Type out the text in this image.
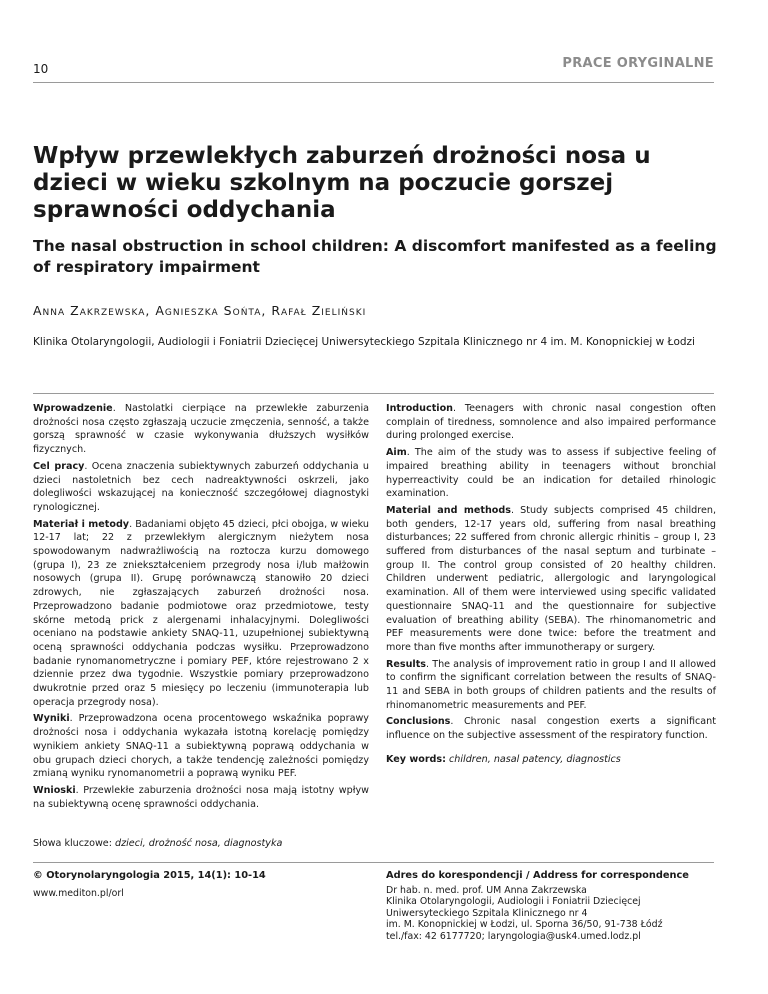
10	PRACE ORYGINALNE
Wpływ przewlekłych zaburzeń drożności nosa u dzieci w wieku szkolnym na poczucie gorszej sprawności oddychania
The nasal obstruction in school children: A discomfort manifested as a feeling of respiratory impairment
Anna Zakrzewska, Agnieszka Sońta, Rafał Zieliński
Klinika Otolaryngologii, Audiologii i Foniatrii Dziecięcej Uniwersyteckiego Szpitala Klinicznego nr 4 im. M. Konopnickiej w Łodzi

Wprowadzenie. Nastolatki cierpiące na przewlekłe zaburzenia drożności nosa często zgłaszają uczucie zmęczenia, senność, a także gorszą sprawność w czasie wykonywania dłuższych wysiłków fizycznych.

Cel pracy. Ocena znaczenia subiektywnych zaburzeń oddychania u dzieci nastoletnich bez cech nadreaktywności oskrzeli, jako dolegliwości wskazującej na konieczność szczegółowej diagnostyki rynologicznej.

Materiał i metody. Badaniami objęto 45 dzieci, płci obojga, w wieku 12-17 lat; 22 z przewlekłym alergicznym nieżytem nosa spowodowanym nadwrażliwością na roztocza kurzu domowego (grupa I), 23 ze zniekształceniem przegrody nosa i/lub małżowin nosowych (grupa II). Grupę porównawczą stanowiło 20 dzieci zdrowych, nie zgłaszających zaburzeń drożności nosa. Przeprowadzono badanie podmiotowe oraz przedmiotowe, testy skórne metodą prick z alergenami inhalacyjnymi. Dolegliwości oceniano na podstawie ankiety SNAQ-11, uzupełnionej subiektywną oceną sprawności oddychania podczas wysiłku. Przeprowadzono badanie rynomanometryczne i pomiary PEF, które rejestrowano 2 x dziennie przez dwa tygodnie. Wszystkie pomiary przeprowadzono dwukrotnie przed oraz 5 miesięcy po leczeniu (immunoterapia lub operacja przegrody nosa).

Wyniki. Przeprowadzona ocena procentowego wskaźnika poprawy drożności nosa i oddychania wykazała istotną korelację pomiędzy wynikiem ankiety SNAQ-11 a subiektywną poprawą oddychania w obu grupach dzieci chorych, a także tendencję zależności pomiędzy zmianą wyniku rynomanometrii a poprawą wyniku PEF.

Wnioski. Przewlekłe zaburzenia drożności nosa mają istotny wpływ na subiektywną ocenę sprawności oddychania.

Introduction. Teenagers with chronic nasal congestion often complain of tiredness, somnolence and also impaired performance during prolonged exercise.

Aim. The aim of the study was to assess if subjective feeling of impaired breathing ability in teenagers without bronchial hyperreactivity could be an indication for detailed rhinologic examination.

Material and methods. Study subjects comprised 45 children, both genders, 12-17 years old, suffering from nasal breathing disturbances; 22 suffered from chronic allergic rhinitis – group I, 23 suffered from disturbances of the nasal septum and turbinate – group II. The control group consisted of 20 healthy children. Children underwent pediatric, allergologic and laryngological examination. All of them were interviewed using specific validated questionnaire SNAQ-11 and the questionnaire for subjective evaluation of breathing ability (SEBA). The rhinomanometric and PEF measurements were done twice: before the treatment and more than five months after immunotherapy or surgery.

Results. The analysis of improvement ratio in group I and II allowed to confirm the significant correlation between the results of SNAQ-11 and SEBA in both groups of children patients and the results of rhinomanometric measurements and PEF.

Conclusions. Chronic nasal congestion exerts a significant influence on the subjective assessment of the respiratory function.

Key words: children, nasal patency, diagnostics

Słowa kluczowe: dzieci, drożność nosa, diagnostyka
© Otorynolaryngologia 2015, 14(1): 10-14
www.mediton.pl/orl
Adres do korespondencji / Address for correspondence
Dr hab. n. med. prof. UM Anna Zakrzewska
Klinika Otolaryngologii, Audiologii i Foniatrii Dziecięcej
Uniwersyteckiego Szpitala Klinicznego nr 4
im. M. Konopnickiej w Łodzi, ul. Sporna 36/50, 91-738 Łódź
tel./fax: 42 6177720; laryngologia@usk4.umed.lodz.pl
